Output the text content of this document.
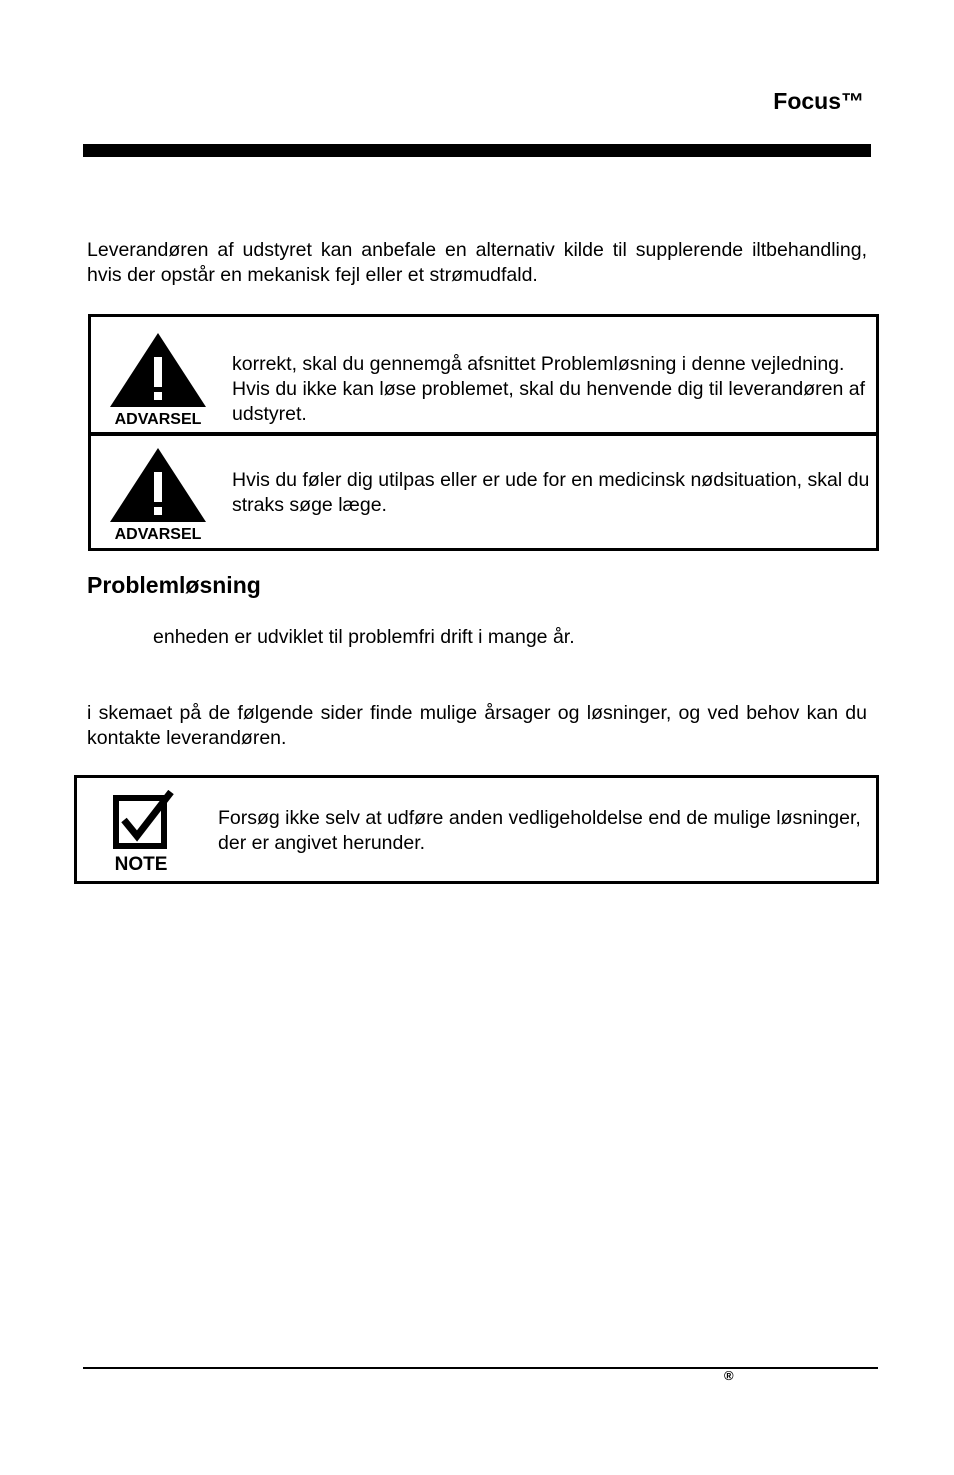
Focus™
Leverandøren af udstyret kan anbefale en alternativ kilde til supplerende iltbehandling, hvis der opstår en mekanisk fejl eller et strømudfald.
ADVARSEL
korrekt, skal du gennemgå afsnittet Problemløsning i denne vejledning. Hvis du ikke kan løse problemet, skal du henvende dig til leverandøren af udstyret.
ADVARSEL
Hvis du føler dig utilpas eller er ude for en medicinsk nødsituation, skal du straks søge læge.
Problemløsning
enheden er udviklet til problemfri drift i mange år.
i skemaet på de følgende sider finde mulige årsager og løsninger, og ved behov kan du kontakte leverandøren.
NOTE
Forsøg ikke selv at udføre anden vedligeholdelse end de mulige løsninger, der er angivet herunder.
®
